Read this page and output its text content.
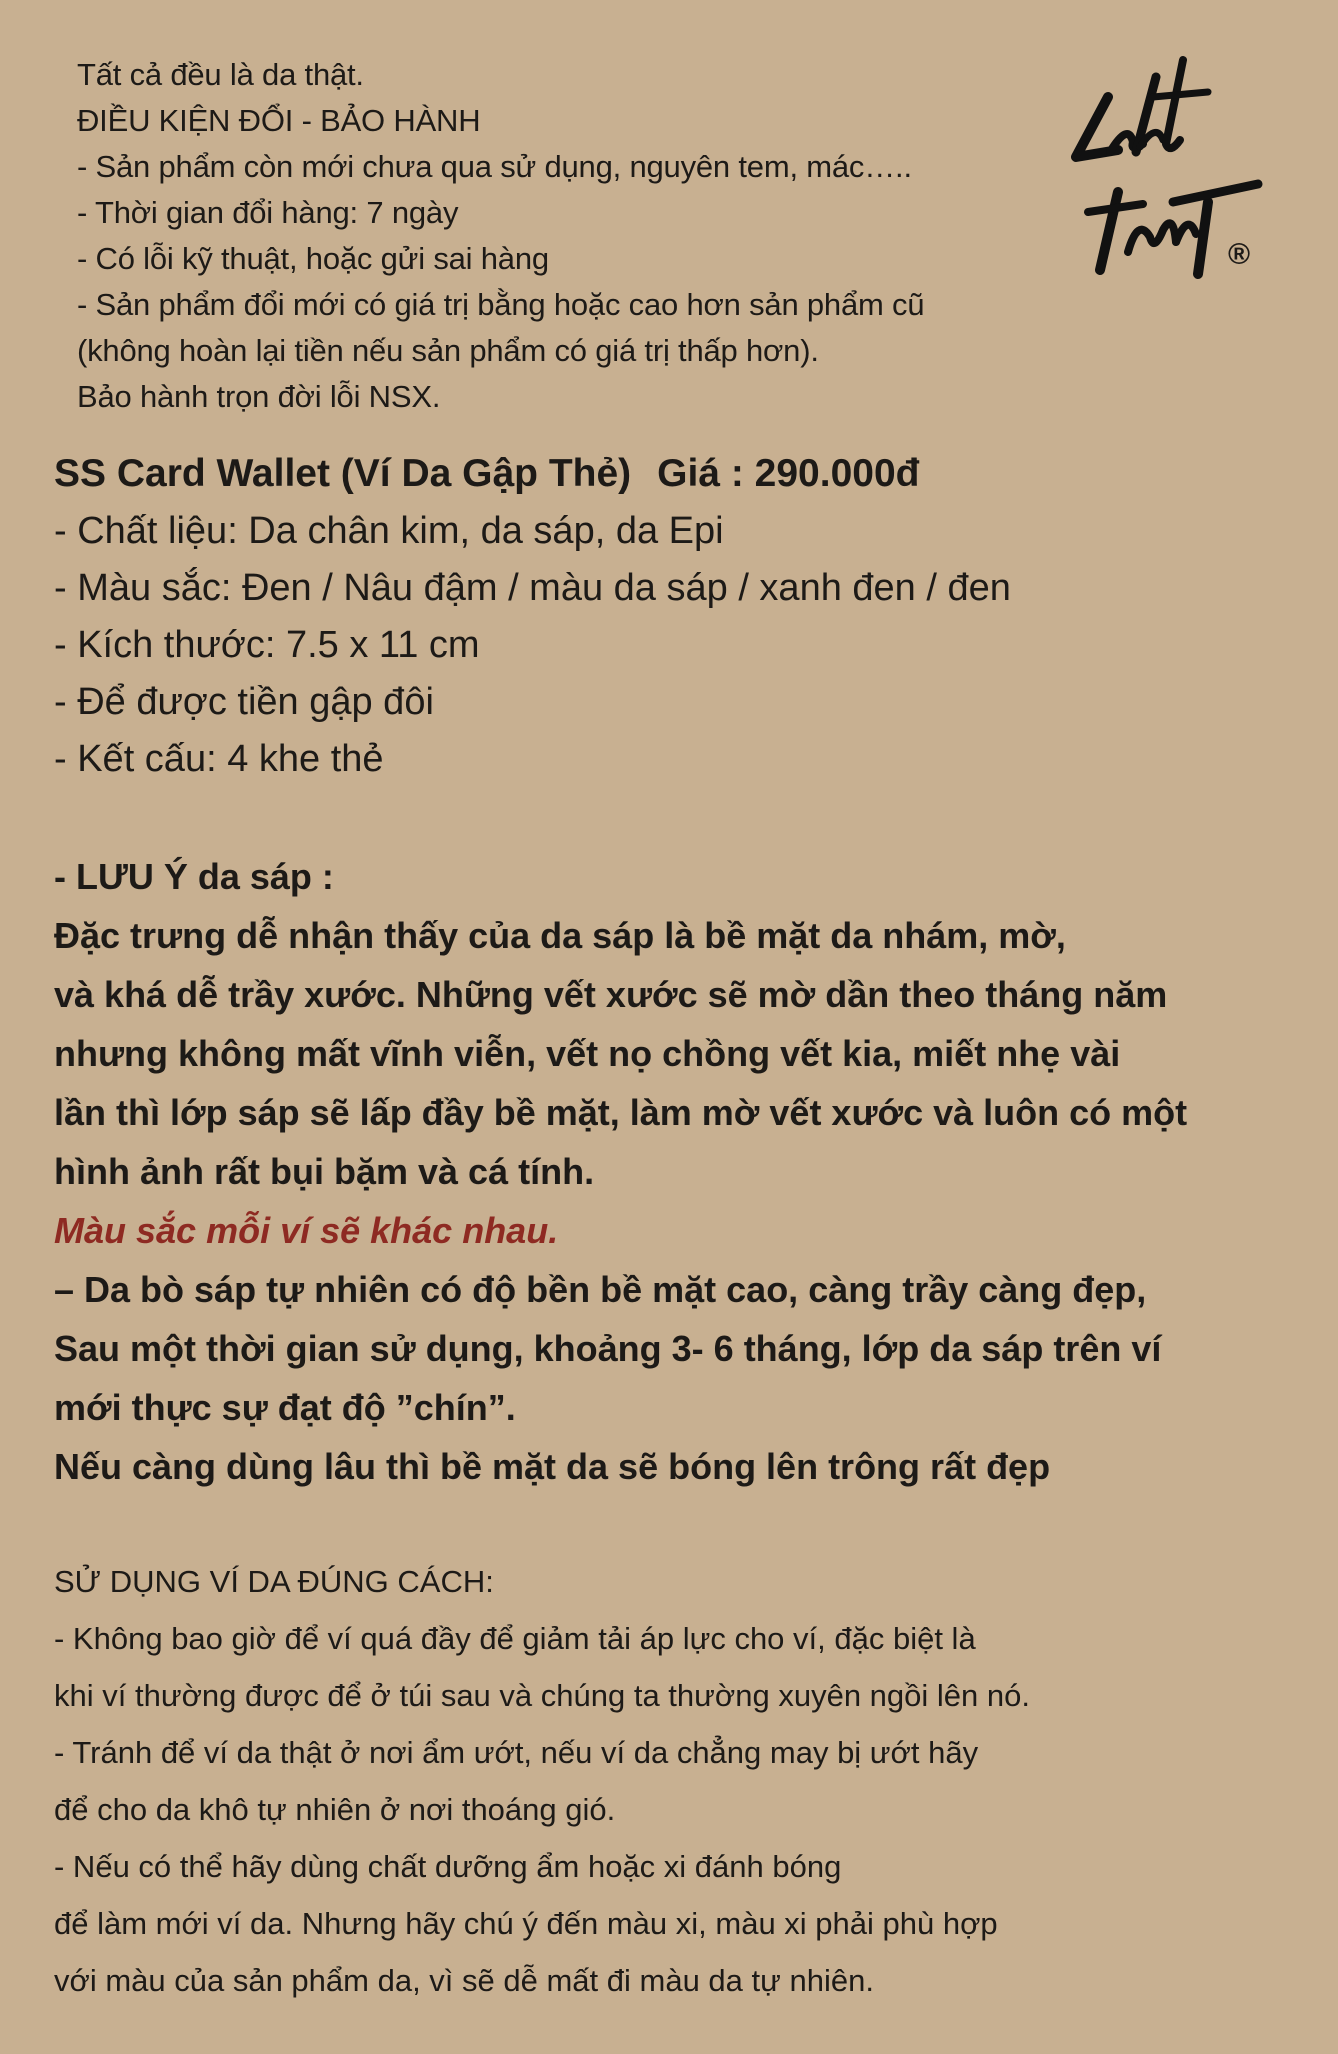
Tất cả đều là da thật.
ĐIỀU KIỆN ĐỔI - BẢO HÀNH
- Sản phẩm còn mới chưa qua sử dụng, nguyên tem, mác…..
- Thời gian đổi hàng: 7 ngày
- Có lỗi kỹ thuật, hoặc gửi sai hàng
- Sản phẩm đổi mới có giá trị bằng hoặc cao hơn sản phẩm cũ
(không hoàn lại tiền nếu sản phẩm có giá trị thấp hơn).
Bảo hành trọn đời lỗi NSX.
®
SS Card Wallet (Ví Da Gập Thẻ) Giá : 290.000đ
- Chất liệu: Da chân kim, da sáp, da Epi
- Màu sắc: Đen / Nâu đậm / màu da sáp / xanh đen / đen
- Kích thước: 7.5 x 11 cm
- Để được tiền gập đôi
- Kết cấu: 4 khe thẻ
- LƯU Ý da sáp :
Đặc trưng dễ nhận thấy của da sáp là bề mặt da nhám, mờ,
và khá dễ trầy xước. Những vết xước sẽ mờ dần theo tháng năm
nhưng không mất vĩnh viễn, vết nọ chồng vết kia, miết nhẹ vài
lần thì lớp sáp sẽ lấp đầy bề mặt, làm mờ vết xước và luôn có một
hình ảnh rất bụi bặm và cá tính.
Màu sắc mỗi ví sẽ khác nhau.
– Da bò sáp tự nhiên có độ bền bề mặt cao, càng trầy càng đẹp,
Sau một thời gian sử dụng, khoảng 3- 6 tháng, lớp da sáp trên ví
mới thực sự đạt độ ”chín”.
Nếu càng dùng lâu thì bề mặt da sẽ bóng lên trông rất đẹp
SỬ DỤNG VÍ DA ĐÚNG CÁCH:
- Không bao giờ để ví quá đầy để giảm tải áp lực cho ví, đặc biệt là
khi ví thường được để ở túi sau và chúng ta thường xuyên ngồi lên nó.
- Tránh để ví da thật ở nơi ẩm ướt, nếu ví da chẳng may bị ướt hãy
để cho da khô tự nhiên ở nơi thoáng gió.
- Nếu có thể hãy dùng chất dưỡng ẩm hoặc xi đánh bóng
để làm mới ví da. Nhưng hãy chú ý đến màu xi, màu xi phải phù hợp
với màu của sản phẩm da, vì sẽ dễ mất đi màu da tự nhiên.
